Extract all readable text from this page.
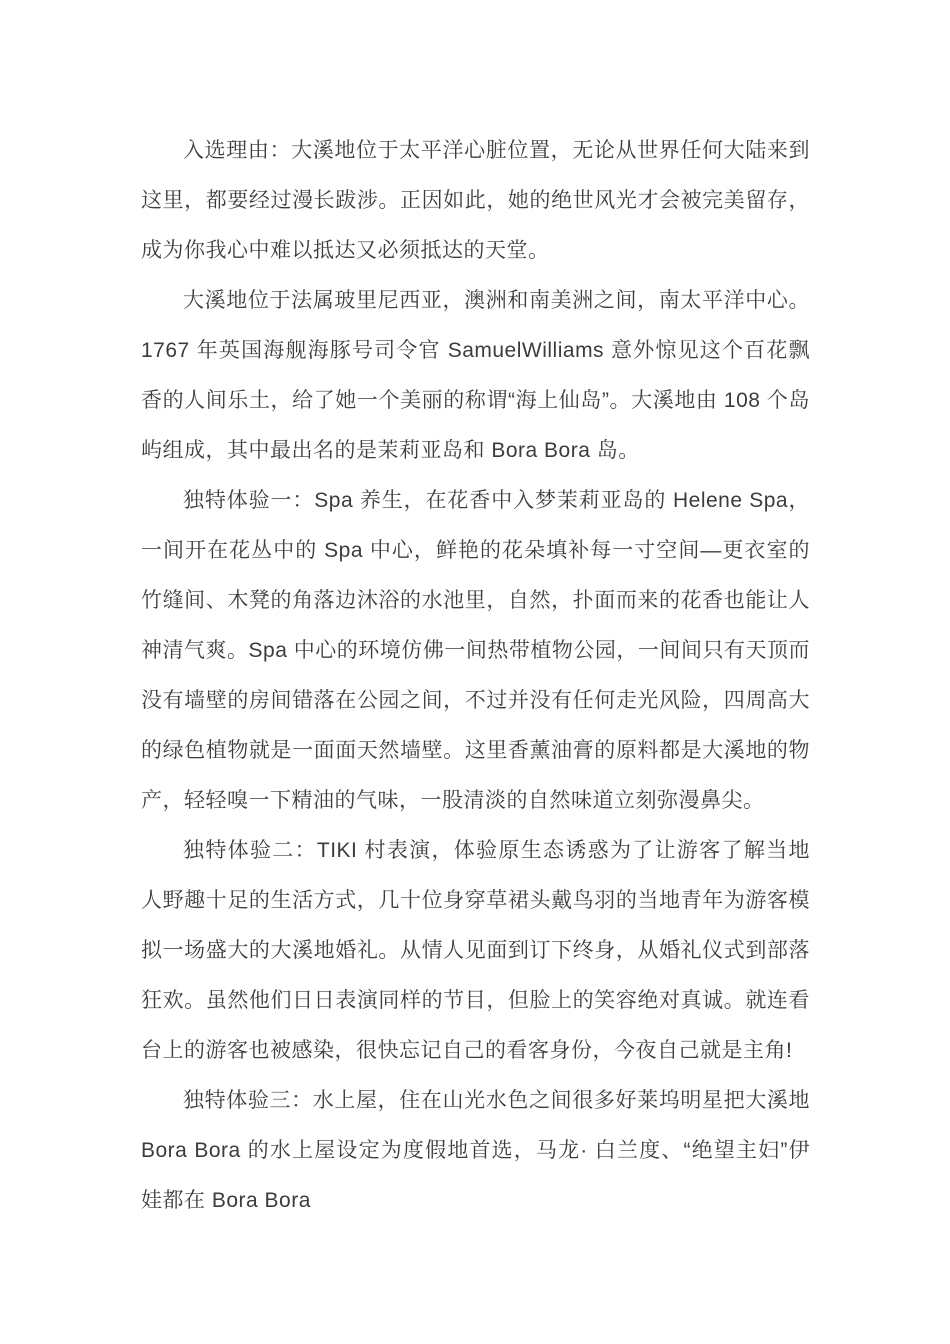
入选理由：大溪地位于太平洋心脏位置，无论从世界任何大陆来到这里，都要经过漫长跋涉。正因如此，她的绝世风光才会被完美留存，成为你我心中难以抵达又必须抵达的天堂。

大溪地位于法属玻里尼西亚，澳洲和南美洲之间，南太平洋中心。1767 年英国海舰海豚号司令官 SamuelWilliams 意外惊见这个百花飘香的人间乐土，给了她一个美丽的称谓“海上仙岛”。大溪地由 108 个岛屿组成，其中最出名的是茉莉亚岛和 Bora Bora 岛。

独特体验一：Spa 养生，在花香中入梦茉莉亚岛的 Helene Spa，一间开在花丛中的 Spa 中心，鲜艳的花朵填补每一寸空间—更衣室的竹缝间、木凳的角落边沐浴的水池里，自然，扑面而来的花香也能让人神清气爽。Spa 中心的环境仿佛一间热带植物公园，一间间只有天顶而没有墙壁的房间错落在公园之间，不过并没有任何走光风险，四周高大的绿色植物就是一面面天然墙壁。这里香薰油膏的原料都是大溪地的物产，轻轻嗅一下精油的气味，一股清淡的自然味道立刻弥漫鼻尖。

独特体验二：TIKI 村表演，体验原生态诱惑为了让游客了解当地人野趣十足的生活方式，几十位身穿草裙头戴鸟羽的当地青年为游客模拟一场盛大的大溪地婚礼。从情人见面到订下终身，从婚礼仪式到部落狂欢。虽然他们日日表演同样的节目，但脸上的笑容绝对真诚。就连看台上的游客也被感染，很快忘记自己的看客身份，今夜自己就是主角!

独特体验三：水上屋，住在山光水色之间很多好莱坞明星把大溪地 Bora Bora 的水上屋设定为度假地首选，马龙· 白兰度、“绝望主妇”伊娃都在 Bora Bora
